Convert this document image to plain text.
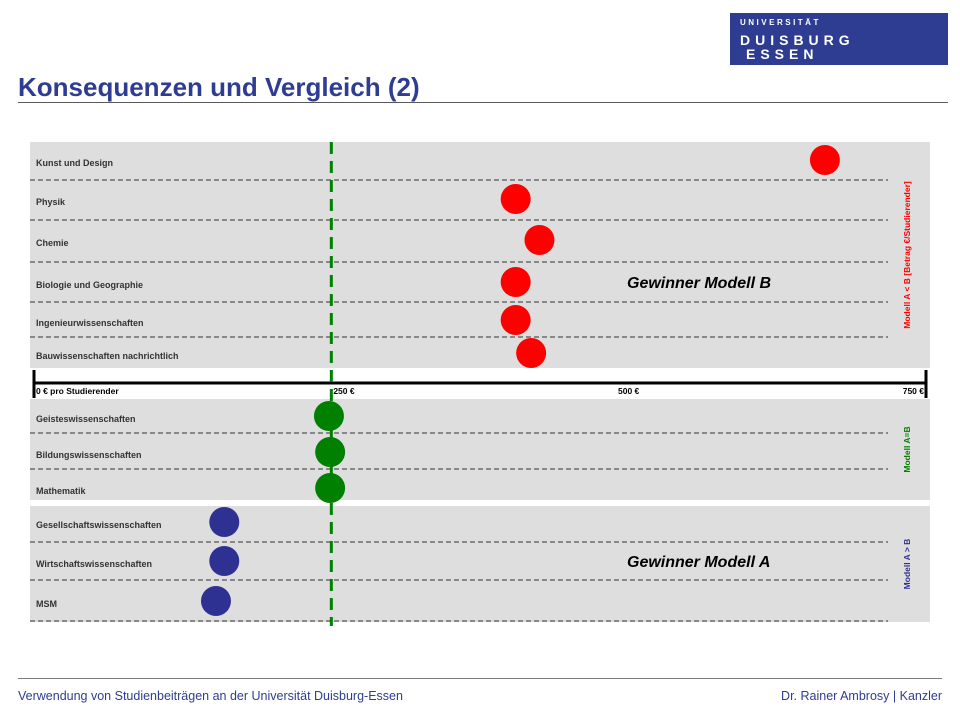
UNIVERSITÄT
DUISBURG
ESSEN
Konsequenzen und Vergleich (2)
0 € pro Studierender	250 €	500 €	750 €
Kunst und Design
Physik
Chemie
Biologie und Geographie
Ingenieurwissenschaften
Bauwissenschaften nachrichtlich
Gewinner Modell B	Modell A < B [Betrag €/Studierender]
Geisteswissenschaften
Bildungswissenschaften
Mathematik
Modell A=B
Gesellschaftswissenschaften
Wirtschaftswissenschaften
MSM
Gewinner Modell A	Modell A > B
Verwendung von Studienbeiträgen an der Universität Duisburg-Essen	Dr. Rainer Ambrosy | Kanzler
